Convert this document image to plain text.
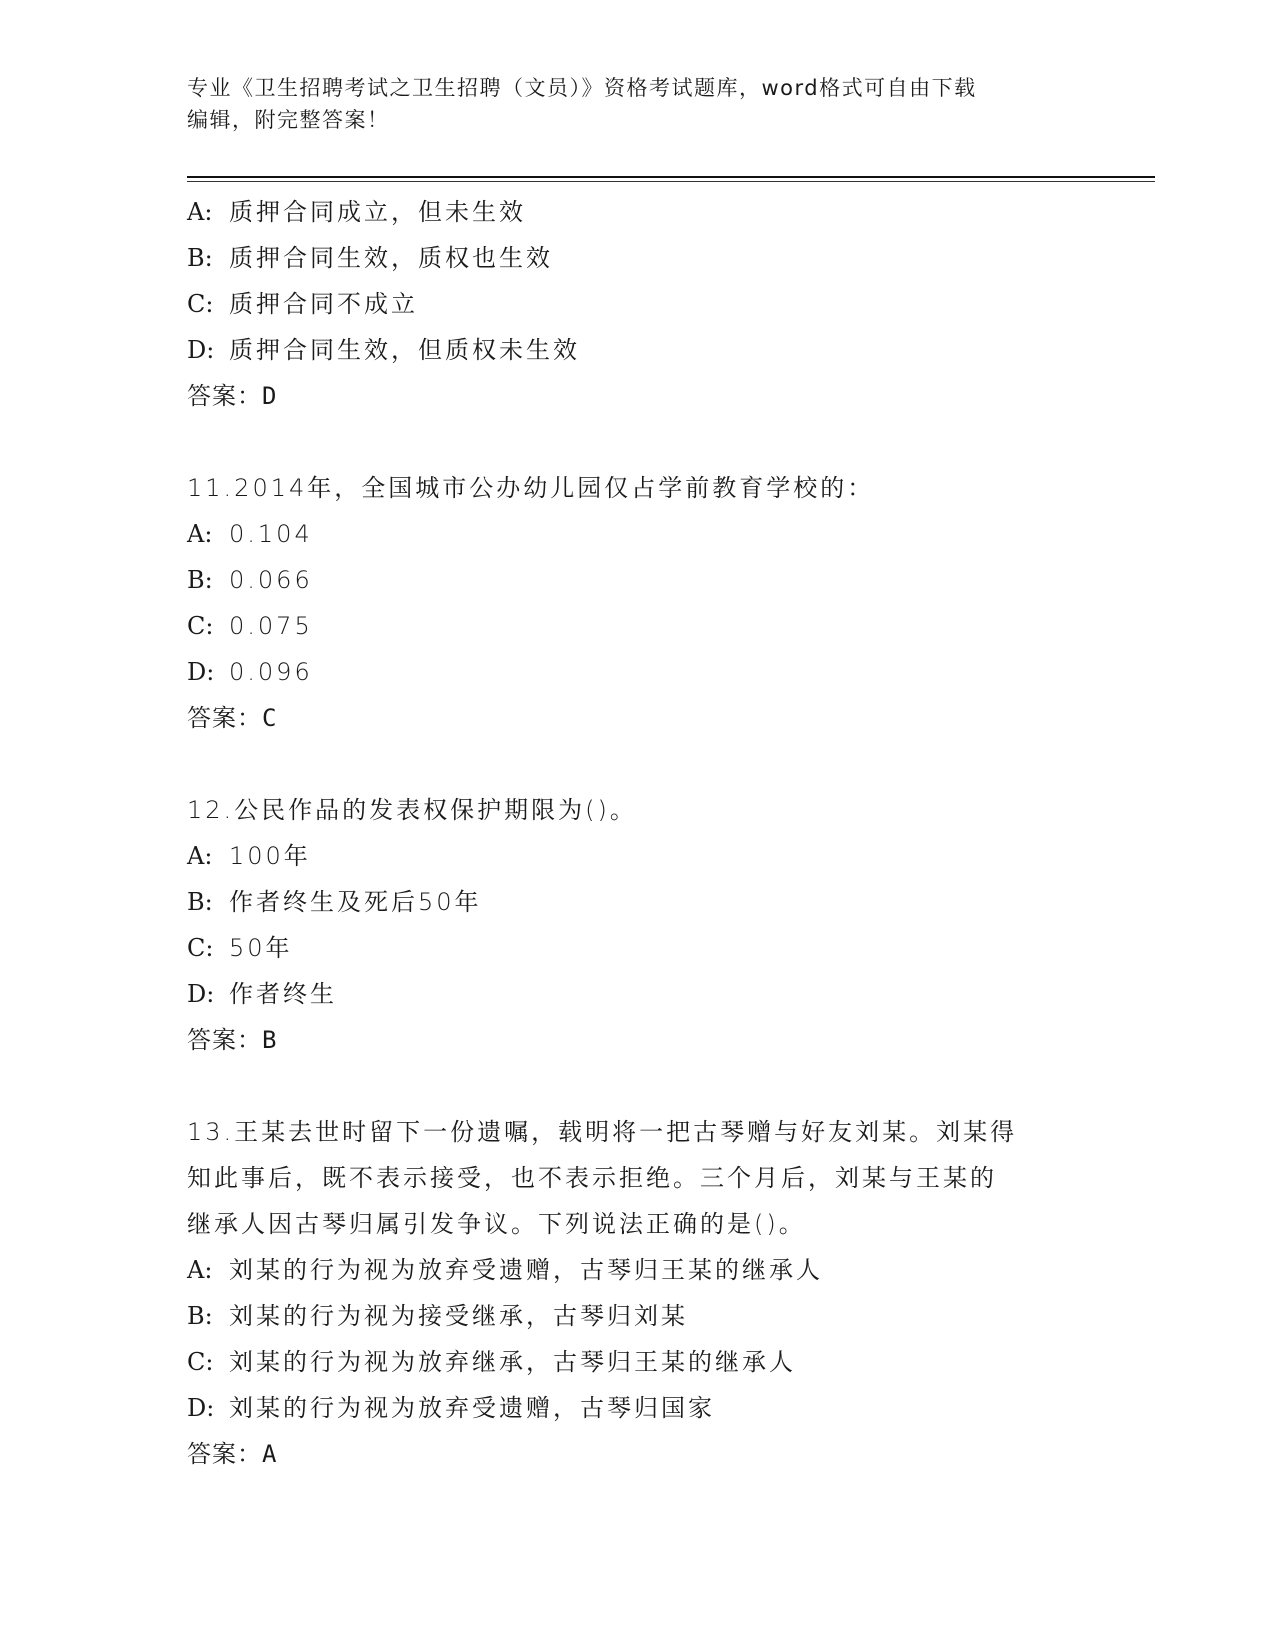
专业《卫生招聘考试之卫生招聘（文员）》资格考试题库，word格式可自由下载
编辑，附完整答案！
A: 质押合同成立，但未生效
B: 质押合同生效，质权也生效
C: 质押合同不成立
D: 质押合同生效，但质权未生效
答案：D
11.2014年，全国城市公办幼儿园仅占学前教育学校的：
A: 0.104
B: 0.066
C: 0.075
D: 0.096
答案：C
12.公民作品的发表权保护期限为()。
A: 100年
B: 作者终生及死后50年
C: 50年
D: 作者终生
答案：B
13.王某去世时留下一份遗嘱，载明将一把古琴赠与好友刘某。刘某得
知此事后，既不表示接受，也不表示拒绝。三个月后，刘某与王某的
继承人因古琴归属引发争议。下列说法正确的是()。
A: 刘某的行为视为放弃受遗赠，古琴归王某的继承人
B: 刘某的行为视为接受继承，古琴归刘某
C: 刘某的行为视为放弃继承，古琴归王某的继承人
D: 刘某的行为视为放弃受遗赠，古琴归国家
答案：A
